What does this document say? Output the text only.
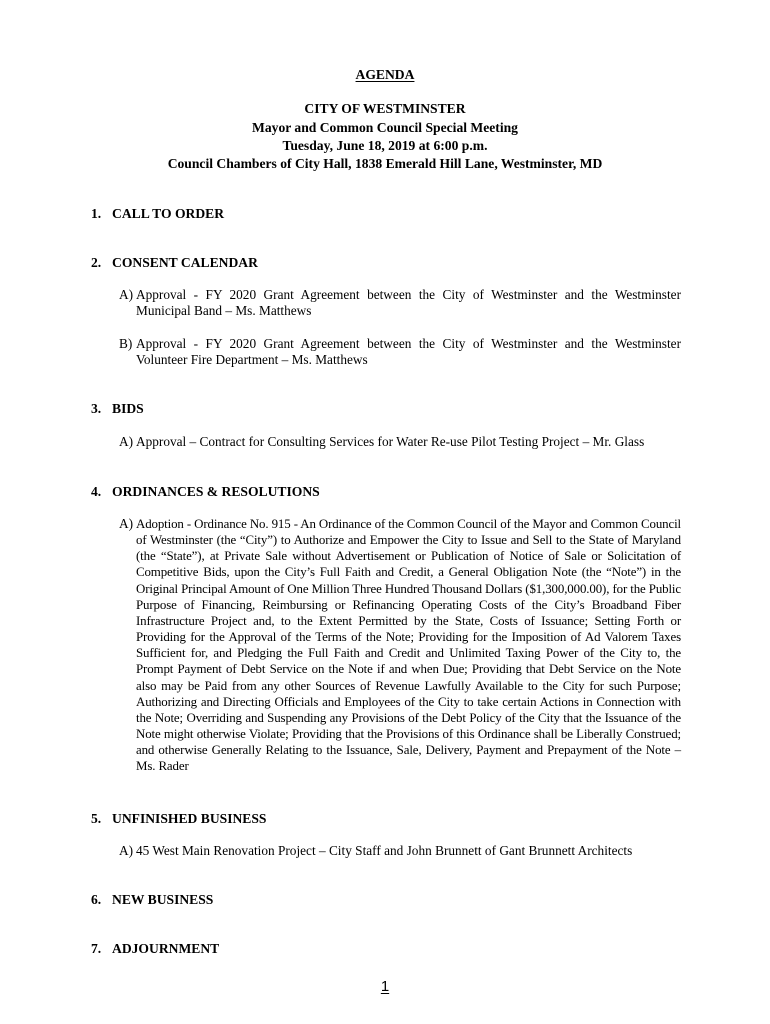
AGENDA
CITY OF WESTMINSTER
Mayor and Common Council Special Meeting
Tuesday, June 18, 2019 at 6:00 p.m.
Council Chambers of City Hall, 1838 Emerald Hill Lane, Westminster, MD
1. CALL TO ORDER
2. CONSENT CALENDAR
A) Approval - FY 2020 Grant Agreement between the City of Westminster and the Westminster Municipal Band – Ms. Matthews
B) Approval - FY 2020 Grant Agreement between the City of Westminster and the Westminster Volunteer Fire Department – Ms. Matthews
3. BIDS
A) Approval – Contract for Consulting Services for Water Re-use Pilot Testing Project – Mr. Glass
4. ORDINANCES & RESOLUTIONS
A) Adoption - Ordinance No. 915 - An Ordinance of the Common Council of the Mayor and Common Council of Westminster (the “City”) to Authorize and Empower the City to Issue and Sell to the State of Maryland (the “State”), at Private Sale without Advertisement or Publication of Notice of Sale or Solicitation of Competitive Bids, upon the City’s Full Faith and Credit, a General Obligation Note (the “Note”) in the Original Principal Amount of One Million Three Hundred Thousand Dollars ($1,300,000.00), for the Public Purpose of Financing, Reimbursing or Refinancing Operating Costs of the City’s Broadband Fiber Infrastructure Project and, to the Extent Permitted by the State, Costs of Issuance; Setting Forth or Providing for the Approval of the Terms of the Note; Providing for the Imposition of Ad Valorem Taxes Sufficient for, and Pledging the Full Faith and Credit and Unlimited Taxing Power of the City to, the Prompt Payment of Debt Service on the Note if and when Due; Providing that Debt Service on the Note also may be Paid from any other Sources of Revenue Lawfully Available to the City for such Purpose; Authorizing and Directing Officials and Employees of the City to take certain Actions in Connection with the Note; Overriding and Suspending any Provisions of the Debt Policy of the City that the Issuance of the Note might otherwise Violate; Providing that the Provisions of this Ordinance shall be Liberally Construed; and otherwise Generally Relating to the Issuance, Sale, Delivery, Payment and Prepayment of the Note – Ms. Rader
5. UNFINISHED BUSINESS
A) 45 West Main Renovation Project – City Staff and John Brunnett of Gant Brunnett Architects
6. NEW BUSINESS
7. ADJOURNMENT
1
